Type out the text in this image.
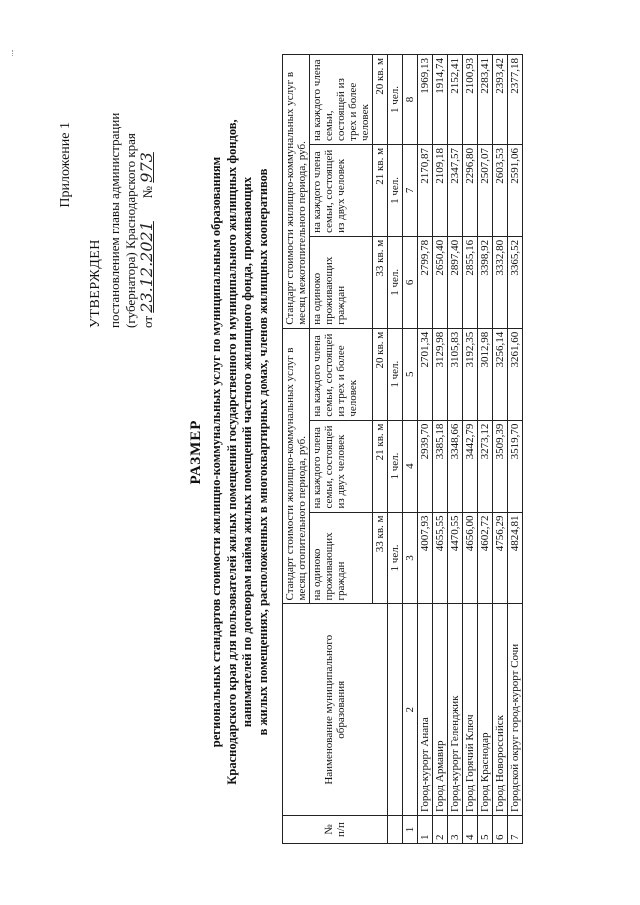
Приложение 1
УТВЕРЖДЕН постановлением главы администрации (губернатора) Краснодарского края от 23.12.2021       № 973
РАЗМЕР региональных стандартов стоимости жилищно-коммунальных услуг по муниципальным образованиям Краснодарского края для пользователей жилых помещений государственного и муниципального жилищных фондов, нанимателей по договорам найма жилых помещений частного жилищного фонда, проживающих в жилых помещениях, расположенных в многоквартирных домах, членов жилищных кооперативов
№ п/п	Наименование муниципального образования	Стандарт стоимости жилищно-коммунальных услуг в месяц отопительного периода, руб.			Стандарт стоимости жилищно-коммунальных услуг в месяц межотопительного периода, руб.		
		на одиноко проживающих граждан	на каждого члена семьи, состоящей из двух человек	на каждого члена семьи, состоящей из трех и более человек	на одиноко проживающих граждан	на каждого члена семьи, состоящей из двух человек	на каждого члена семьи, состоящей из трех и более человек
		33 кв. м	21 кв. м	20 кв. м	33 кв. м	21 кв. м	20 кв. м
		1 чел.	1 чел.	1 чел.	1 чел.	1 чел.	1 чел.
1	2	3	4	5	6	7	8
1	Город-курорт Анапа	4007,93	2939,70	2701,34	2799,78	2170,87	1969,13
2	Город Армавир	4655,55	3385,18	3129,98	2650,40	2109,18	1914,74
3	Город-курорт Геленджик	4470,55	3348,66	3105,83	2897,40	2347,57	2152,41
4	Город Горячий Ключ	4656,00	3442,79	3192,35	2855,16	2296,80	2100,93
5	Город Краснодар	4602,72	3273,12	3012,98	3398,92	2507,07	2283,41
6	Город Новороссийск	4756,29	3509,39	3256,14	3332,80	2603,53	2393,42
7	Городской округ город-курорт Сочи	4824,81	3519,70	3261,60	3365,52	2591,06	2377,18
